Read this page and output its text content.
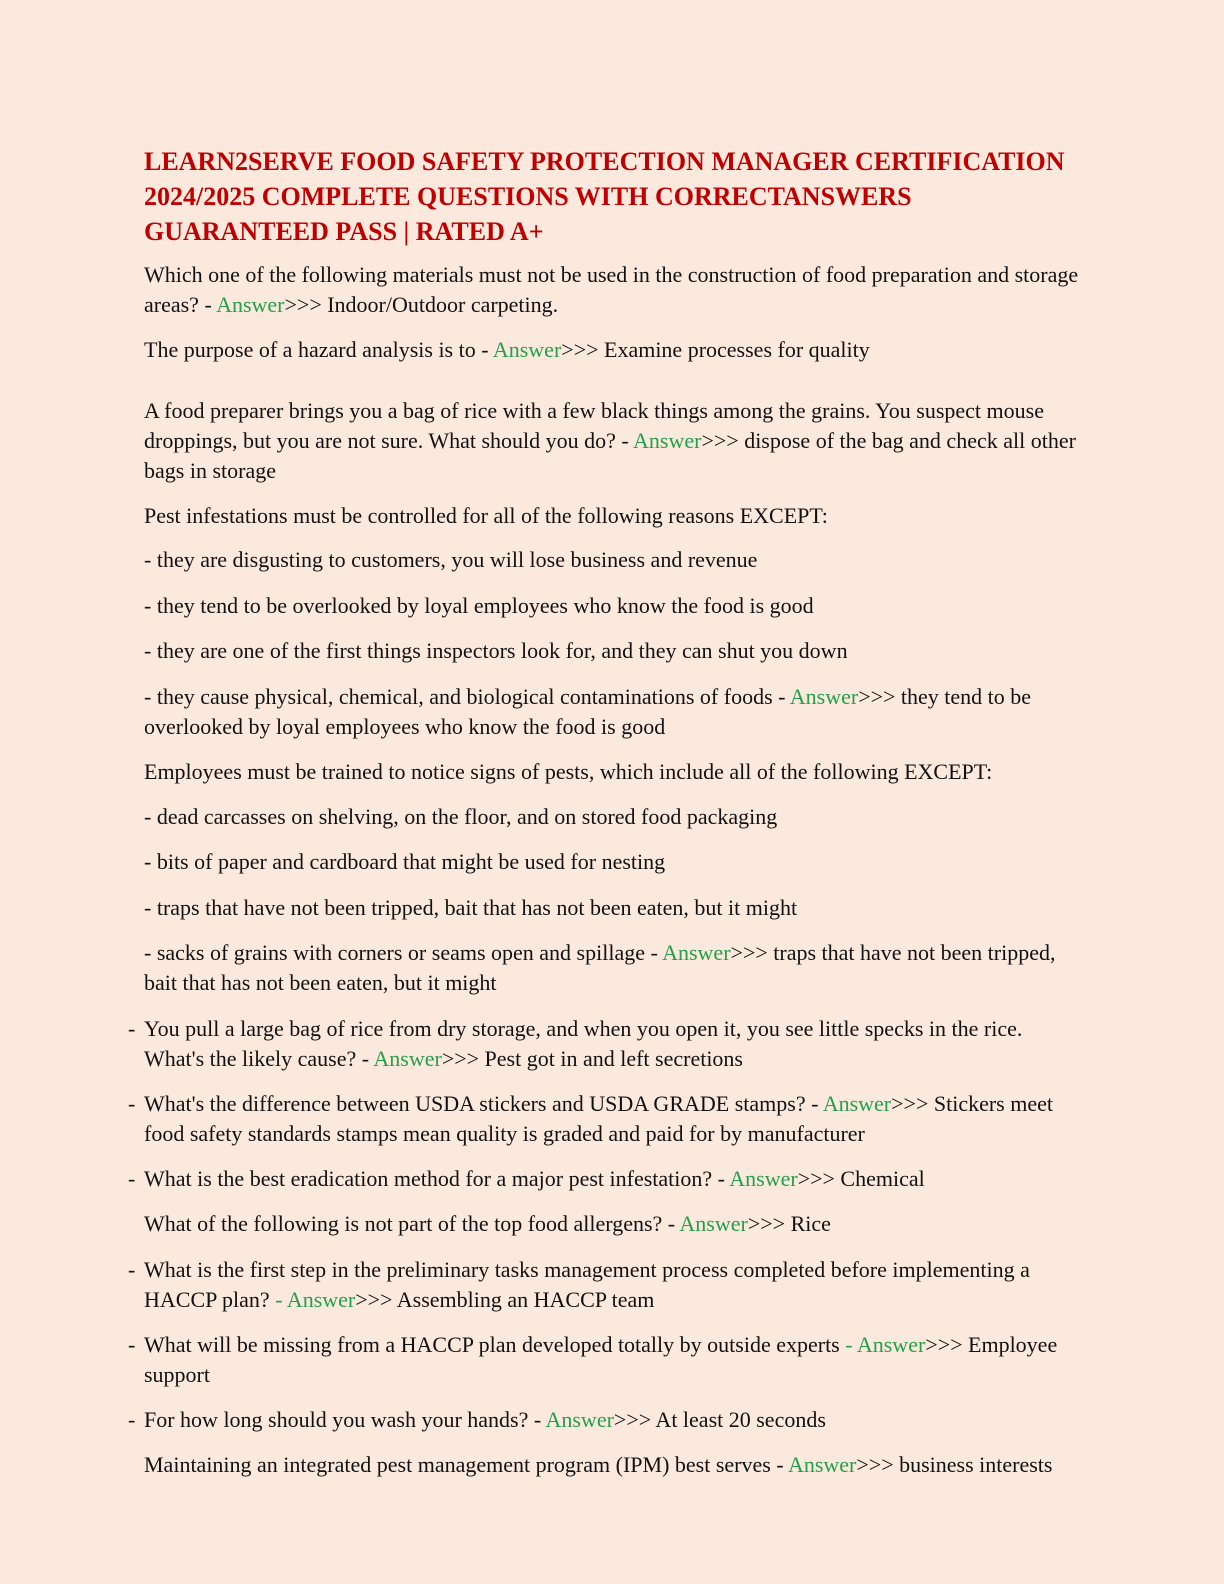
LEARN2SERVE FOOD SAFETY PROTECTION MANAGER CERTIFICATION 2024/2025 COMPLETE QUESTIONS WITH CORRECTANSWERS GUARANTEED PASS | RATED A+

Which one of the following materials must not be used in the construction of food preparation and storage areas? - Answer>>> Indoor/Outdoor carpeting.

The purpose of a hazard analysis is to - Answer>>> Examine processes for quality

A food preparer brings you a bag of rice with a few black things among the grains. You suspect mouse droppings, but you are not sure. What should you do? - Answer>>> dispose of the bag and check all other bags in storage

Pest infestations must be controlled for all of the following reasons EXCEPT:

- they are disgusting to customers, you will lose business and revenue

- they tend to be overlooked by loyal employees who know the food is good

- they are one of the first things inspectors look for, and they can shut you down

- they cause physical, chemical, and biological contaminations of foods - Answer>>> they tend to be overlooked by loyal employees who know the food is good

Employees must be trained to notice signs of pests, which include all of the following EXCEPT:

- dead carcasses on shelving, on the floor, and on stored food packaging

- bits of paper and cardboard that might be used for nesting

- traps that have not been tripped, bait that has not been eaten, but it might

- sacks of grains with corners or seams open and spillage - Answer>>> traps that have not been tripped, bait that has not been eaten, but it might

- You pull a large bag of rice from dry storage, and when you open it, you see little specks in the rice. What's the likely cause? - Answer>>> Pest got in and left secretions

- What's the difference between USDA stickers and USDA GRADE stamps? - Answer>>> Stickers meet food safety standards stamps mean quality is graded and paid for by manufacturer

- What is the best eradication method for a major pest infestation? - Answer>>> Chemical

What of the following is not part of the top food allergens? - Answer>>> Rice

- What is the first step in the preliminary tasks management process completed before implementing a HACCP plan? - Answer>>> Assembling an HACCP team

- What will be missing from a HACCP plan developed totally by outside experts - Answer>>> Employee support

- For how long should you wash your hands? - Answer>>> At least 20 seconds

Maintaining an integrated pest management program (IPM) best serves - Answer>>> business interests
